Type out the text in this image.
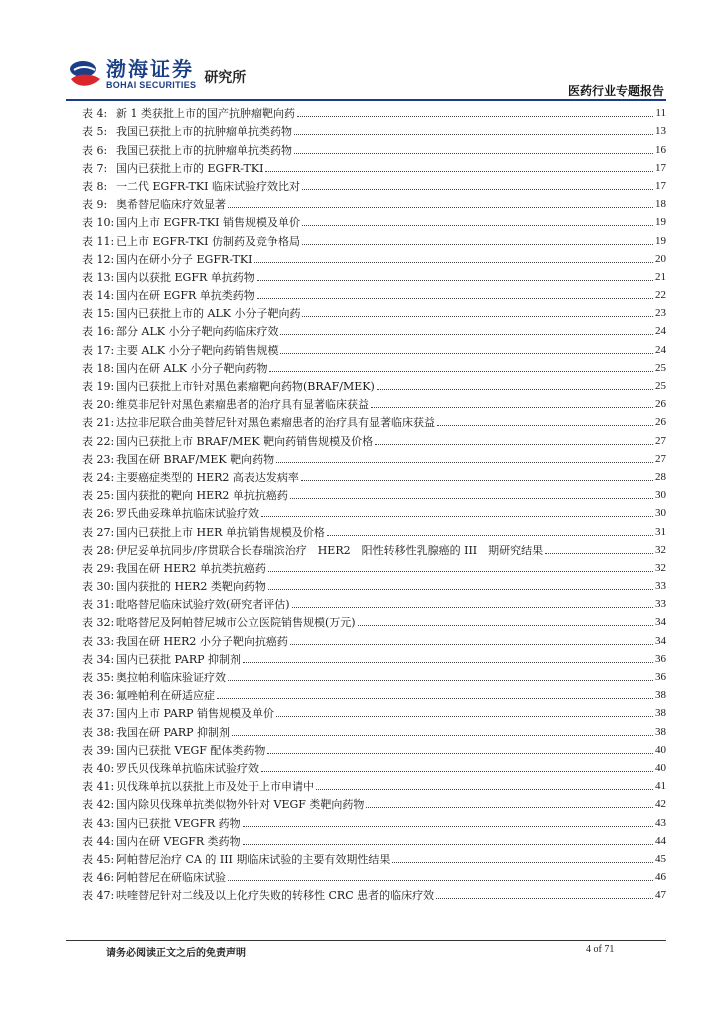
渤海证券
BOHAI SECURITIES 研究所
医药行业专题报告
表 4: 新 1 类获批上市的国产抗肿瘤靶向药	11
表 5: 我国已获批上市的抗肿瘤单抗类药物	13
表 6: 我国已获批上市的抗肿瘤单抗类药物	16
表 7: 国内已获批上市的 EGFR-TKI	17
表 8: 一二代 EGFR-TKI 临床试验疗效比对	17
表 9: 奥希替尼临床疗效显著	18
表 10: 国内上市 EGFR-TKI 销售规模及单价	19
表 11: 已上市 EGFR-TKI 仿制药及竞争格局	19
表 12: 国内在研小分子 EGFR-TKI	20
表 13: 国内以获批 EGFR 单抗药物	21
表 14: 国内在研 EGFR 单抗类药物	22
表 15: 国内已获批上市的 ALK 小分子靶向药	23
表 16: 部分 ALK 小分子靶向药临床疗效	24
表 17: 主要 ALK 小分子靶向药销售规模	24
表 18: 国内在研 ALK 小分子靶向药物	25
表 19: 国内已获批上市针对黑色素瘤靶向药物(BRAF/MEK)	25
表 20: 维莫非尼针对黑色素瘤患者的治疗具有显著临床获益	26
表 21: 达拉非尼联合曲美替尼针对黑色素瘤患者的治疗具有显著临床获益	26
表 22: 国内已获批上市 BRAF/MEK 靶向药销售规模及价格	27
表 23: 我国在研 BRAF/MEK 靶向药物	27
表 24: 主要癌症类型的 HER2 高表达发病率	28
表 25: 国内获批的靶向 HER2 单抗抗癌药	30
表 26: 罗氏曲妥珠单抗临床试验疗效	30
表 27: 国内已获批上市 HER 单抗销售规模及价格	31
表 28: 伊尼妥单抗同步/序贯联合长春瑞滨治疗　HER2　阳性转移性乳腺癌的 III　期研究结果	32
表 29: 我国在研 HER2 单抗类抗癌药	32
表 30: 国内获批的 HER2 类靶向药物	33
表 31: 吡咯替尼临床试验疗效(研究者评估)	33
表 32: 吡咯替尼及阿帕替尼城市公立医院销售规模(万元)	34
表 33: 我国在研 HER2 小分子靶向抗癌药	34
表 34: 国内已获批 PARP 抑制剂	36
表 35: 奥拉帕利临床验证疗效	36
表 36: 氟唑帕利在研适应症	38
表 37: 国内上市 PARP 销售规模及单价	38
表 38: 我国在研 PARP 抑制剂	38
表 39: 国内已获批 VEGF 配体类药物	40
表 40: 罗氏贝伐珠单抗临床试验疗效	40
表 41: 贝伐珠单抗以获批上市及处于上市申请中	41
表 42: 国内除贝伐珠单抗类似物外针对 VEGF 类靶向药物	42
表 43: 国内已获批 VEGFR 药物	43
表 44: 国内在研 VEGFR 类药物	44
表 45: 阿帕替尼治疗 CA 的 III 期临床试验的主要有效期性结果	45
表 46: 阿帕替尼在研临床试验	46
表 47: 呋喹替尼针对二线及以上化疗失败的转移性 CRC 患者的临床疗效	47
请务必阅读正文之后的免责声明	4 of 71
